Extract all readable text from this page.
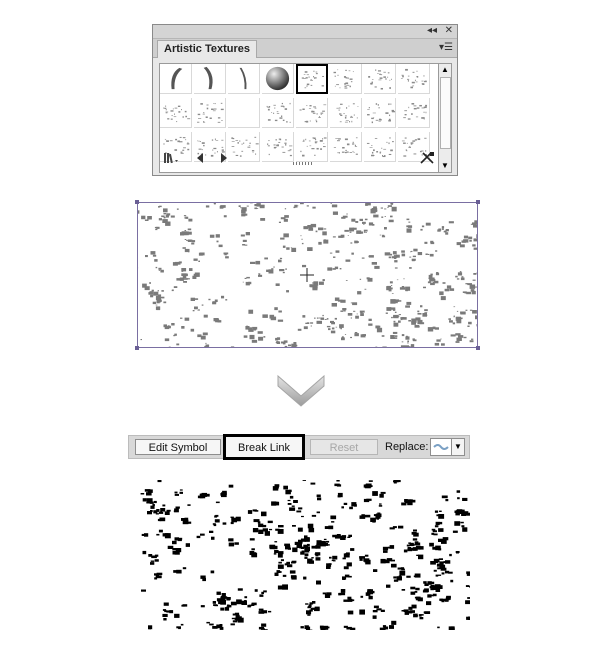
◂◂ ✕
Artistic Textures	▾☰
▲
▼
Edit Symbol	Break Link	Reset	Replace:	▼
